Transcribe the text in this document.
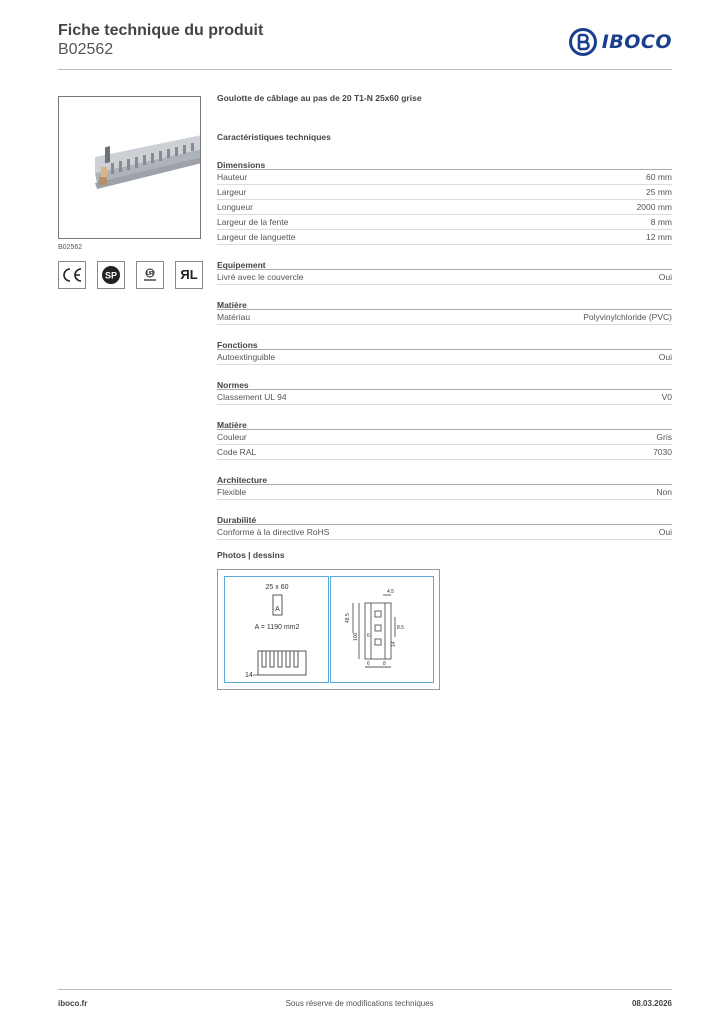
Fiche technique du produit
B02562	IBOCO
B02562
SP	UR ЯL
Goulotte de câblage au pas de 20 T1-N 25x60 grise
Caractéristiques techniques
Dimensions
Hauteur	60 mm
Largeur	25 mm
Longueur	2000 mm
Largeur de la fente	8 mm
Largeur de languette	12 mm
Equipement
Livré avec le couvercle	Oui
Matière
Matériau	Polyvinylchloride (PVC)
Fonctions
Autoextinguible	Oui
Normes
Classement UL 94	V0
Matière
Couleur	Gris
Code RAL	7030
Architecture
Flexible	Non
Durabilité
Conforme à la directive RoHS	Oui
Photos | dessins
25 x 60
A
A = 1190 mm2
14
4.5
48.5
100
8.5
6
14
6	8
iboco.fr	Sous réserve de modifications techniques	08.03.2026
